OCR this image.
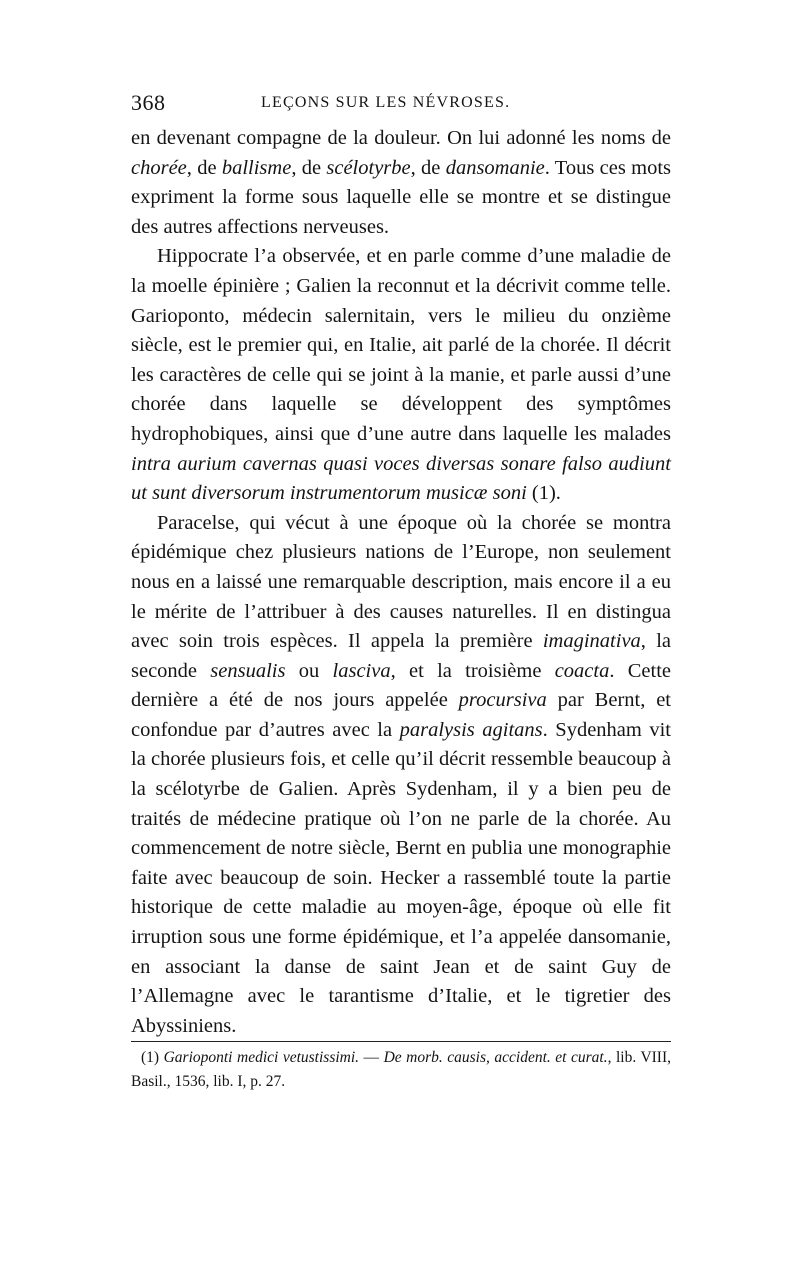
368	LEÇONS SUR LES NÉVROSES.

en devenant compagne de la douleur. On lui adonné les noms de chorée, de ballisme, de scélotyrbe, de dansomanie. Tous ces mots expriment la forme sous laquelle elle se montre et se distingue des autres affections nerveuses.

Hippocrate l’a observée, et en parle comme d’une maladie de la moelle épinière ; Galien la reconnut et la décrivit comme telle. Garioponto, médecin salernitain, vers le milieu du onzième siècle, est le premier qui, en Italie, ait parlé de la chorée. Il décrit les caractères de celle qui se joint à la manie, et parle aussi d’une chorée dans laquelle se développent des symptômes hydrophobiques, ainsi que d’une autre dans laquelle les malades intra aurium cavernas quasi voces diversas sonare falso audiunt ut sunt diversorum instrumentorum musicæ soni (1).

Paracelse, qui vécut à une époque où la chorée se montra épidémique chez plusieurs nations de l’Europe, non seulement nous en a laissé une remarquable description, mais encore il a eu le mérite de l’attribuer à des causes naturelles. Il en distingua avec soin trois espèces. Il appela la première imaginativa, la seconde sensualis ou lasciva, et la troisième coacta. Cette dernière a été de nos jours appelée procursiva par Bernt, et confondue par d’autres avec la paralysis agitans. Sydenham vit la chorée plusieurs fois, et celle qu’il décrit ressemble beaucoup à la scélotyrbe de Galien. Après Sydenham, il y a bien peu de traités de médecine pratique où l’on ne parle de la chorée. Au commencement de notre siècle, Bernt en publia une monographie faite avec beaucoup de soin. Hecker a rassemblé toute la partie historique de cette maladie au moyen-âge, époque où elle fit irruption sous une forme épidémique, et l’a appelée dansomanie, en associant la danse de saint Jean et de saint Guy de l’Allemagne avec le tarantisme d’Italie, et le tigretier des Abyssiniens.

(1) Garioponti medici vetustissimi. — De morb. causis, accident. et curat., lib. VIII, Basil., 1536, lib. I, p. 27.
